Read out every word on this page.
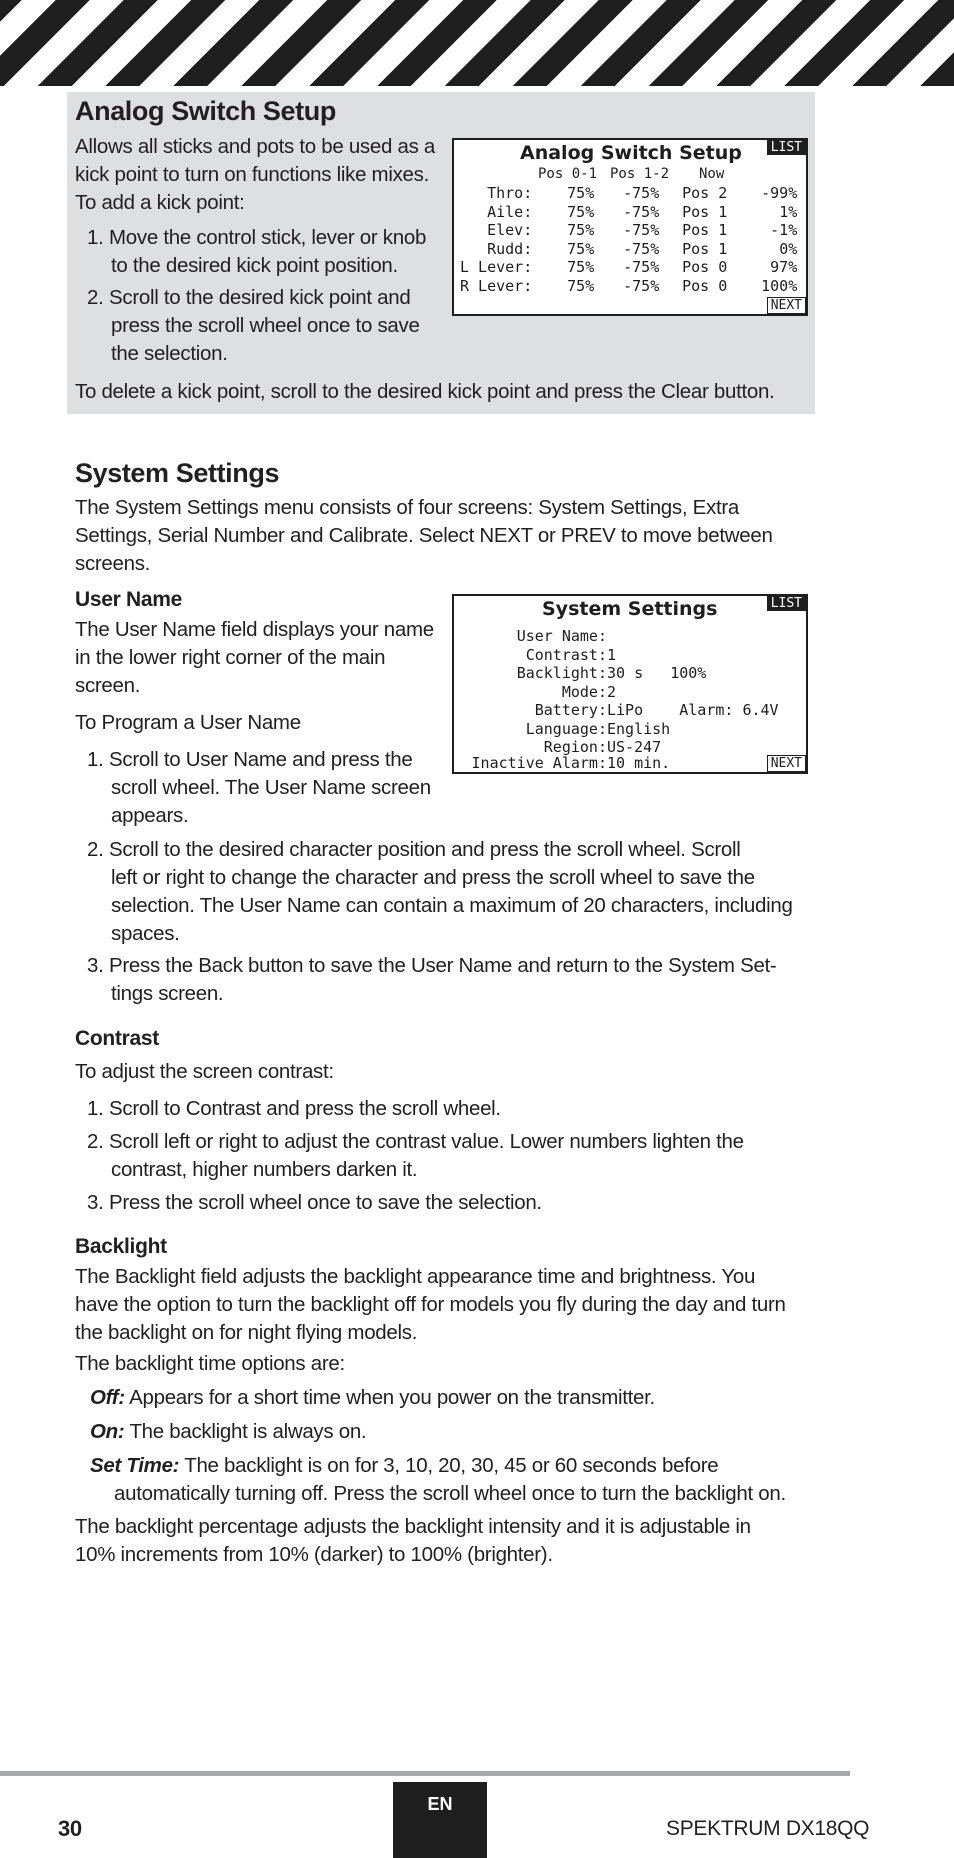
Analog Switch Setup
Allows all sticks and pots to be used as a
kick point to turn on functions like mixes.
To add a kick point:
1. Move the control stick, lever or knob
to the desired kick point position.
2. Scroll to the desired kick point and
press the scroll wheel once to save
the selection.
To delete a kick point, scroll to the desired kick point and press the Clear button.
Analog Switch Setup	LIST
NEXT
Pos 0-1 Pos 1-2 Now
Thro:	75%	-75%	Pos 2	-99%
Aile:	75%	-75%	Pos 1	1%
Elev:	75%	-75%	Pos 1	-1%
Rudd:	75%	-75%	Pos 1	0%
L Lever:	75%	-75%	Pos 0	97%
R Lever:	75%	-75%	Pos 0	100%
System Settings
The System Settings menu consists of four screens: System Settings, Extra
Settings, Serial Number and Calibrate. Select NEXT or PREV to move between
screens.
User Name
The User Name field displays your name
in the lower right corner of the main
screen.
To Program a User Name
1. Scroll to User Name and press the
scroll wheel. The User Name screen
appears.
2. Scroll to the desired character position and press the scroll wheel. Scroll
left or right to change the character and press the scroll wheel to save the
selection. The User Name can contain a maximum of 20 characters, including
spaces.
3. Press the Back button to save the User Name and return to the System Set-
tings screen.
System Settings	LIST
NEXT
User Name:
Contrast:1
Backlight:30 s   100%
Mode:2
Battery:LiPo    Alarm: 6.4V
Language:English
Region:US-247
Inactive Alarm:10 min.
Contrast
To adjust the screen contrast:
1. Scroll to Contrast and press the scroll wheel.
2. Scroll left or right to adjust the contrast value. Lower numbers lighten the
contrast, higher numbers darken it.
3. Press the scroll wheel once to save the selection.
Backlight
The Backlight field adjusts the backlight appearance time and brightness. You
have the option to turn the backlight off for models you fly during the day and turn
the backlight on for night flying models.
The backlight time options are:
Off: Appears for a short time when you power on the transmitter.
On: The backlight is always on.
Set Time: The backlight is on for 3, 10, 20, 30, 45 or 60 seconds before
automatically turning off. Press the scroll wheel once to turn the backlight on.
The backlight percentage adjusts the backlight intensity and it is adjustable in
10% increments from 10% (darker) to 100% (brighter).
30
EN
SPEKTRUM DX18QQ
